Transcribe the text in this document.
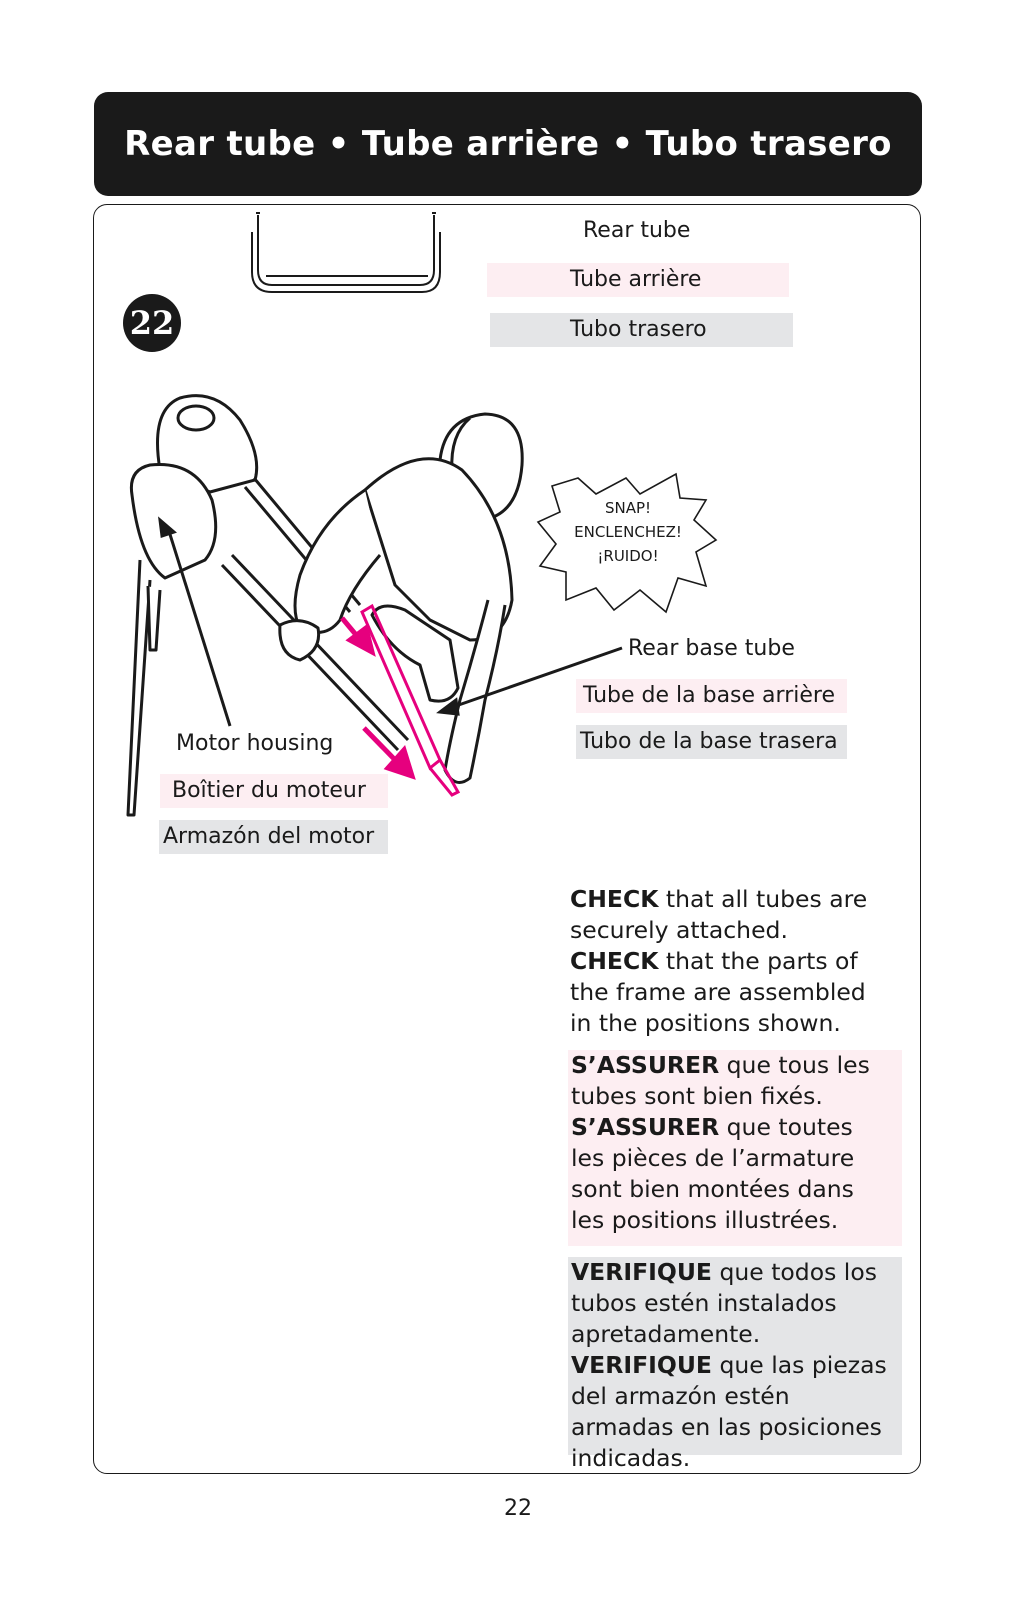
Rear tube • Tube arrière • Tubo trasero
22
SNAP!
ENCLENCHEZ!
¡RUIDO!
Rear tube
Tube arrière
Tubo trasero
Rear base tube
Tube de la base arrière
Tubo de la base trasera
Motor housing
Boîtier du moteur
Armazón del motor
CHECK that all tubes are securely attached.
CHECK that the parts of the frame are assembled in the positions shown.
S’ASSURER que tous les tubes sont bien fixés.
S’ASSURER que toutes les pièces de l’armature sont bien montées dans les positions illustrées.
VERIFIQUE que todos los tubos estén instalados apretadamente.
VERIFIQUE que las piezas del armazón estén armadas en las posiciones indicadas.
22
